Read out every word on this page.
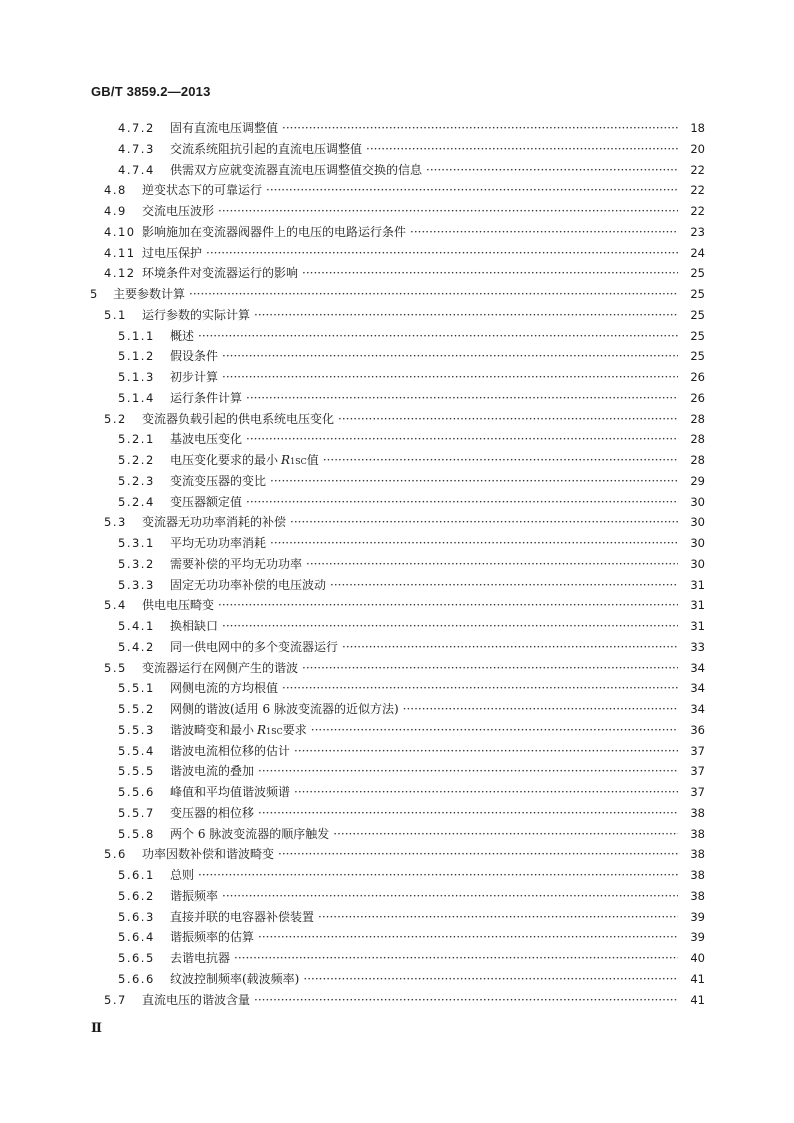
GB/T 3859.2—2013
4.7.2 固有直流电压调整值 ·····	18
4.7.3 交流系统阻抗引起的直流电压调整值 ·····	20
4.7.4 供需双方应就变流器直流电压调整值交换的信息 ·····	22
4.8 逆变状态下的可靠运行 ·····	22
4.9 交流电压波形 ·····	22
4.10 影响施加在变流器阀器件上的电压的电路运行条件 ·····	23
4.11 过电压保护 ·····	24
4.12 环境条件对变流器运行的影响 ·····	25
5 主要参数计算 ·····	25
5.1 运行参数的实际计算 ·····	25
5.1.1 概述 ·····	25
5.1.2 假设条件 ·····	25
5.1.3 初步计算 ·····	26
5.1.4 运行条件计算 ·····	26
5.2 变流器负载引起的供电系统电压变化 ·····	28
5.2.1 基波电压变化 ·····	28
5.2.2 电压变化要求的最小 R 1SC 值 ·····	28
5.2.3 变流变压器的变比 ·····	29
5.2.4 变压器额定值 ·····	30
5.3 变流器无功功率消耗的补偿 ·····	30
5.3.1 平均无功功率消耗 ·····	30
5.3.2 需要补偿的平均无功功率 ·····	30
5.3.3 固定无功功率补偿的电压波动 ·····	31
5.4 供电电压畸变 ·····	31
5.4.1 换相缺口 ·····	31
5.4.2 同一供电网中的多个变流器运行 ·····	33
5.5 变流器运行在网侧产生的谐波 ·····	34
5.5.1 网侧电流的方均根值 ·····	34
5.5.2 网侧的谐波(适用 6 脉波变流器的近似方法) ·····	34
5.5.3 谐波畸变和最小 R 1SC 要求 ·····	36
5.5.4 谐波电流相位移的估计 ·····	37
5.5.5 谐波电流的叠加 ·····	37
5.5.6 峰值和平均值谐波频谱 ·····	37
5.5.7 变压器的相位移 ·····	38
5.5.8 两个 6 脉波变流器的顺序触发 ·····	38
5.6 功率因数补偿和谐波畸变 ·····	38
5.6.1 总则 ·····	38
5.6.2 谐振频率 ·····	38
5.6.3 直接并联的电容器补偿装置 ·····	39
5.6.4 谐振频率的估算 ·····	39
5.6.5 去谐电抗器 ·····	40
5.6.6 纹波控制频率(载波频率) ·····	41
5.7 直流电压的谐波含量 ·····	41
Ⅱ
